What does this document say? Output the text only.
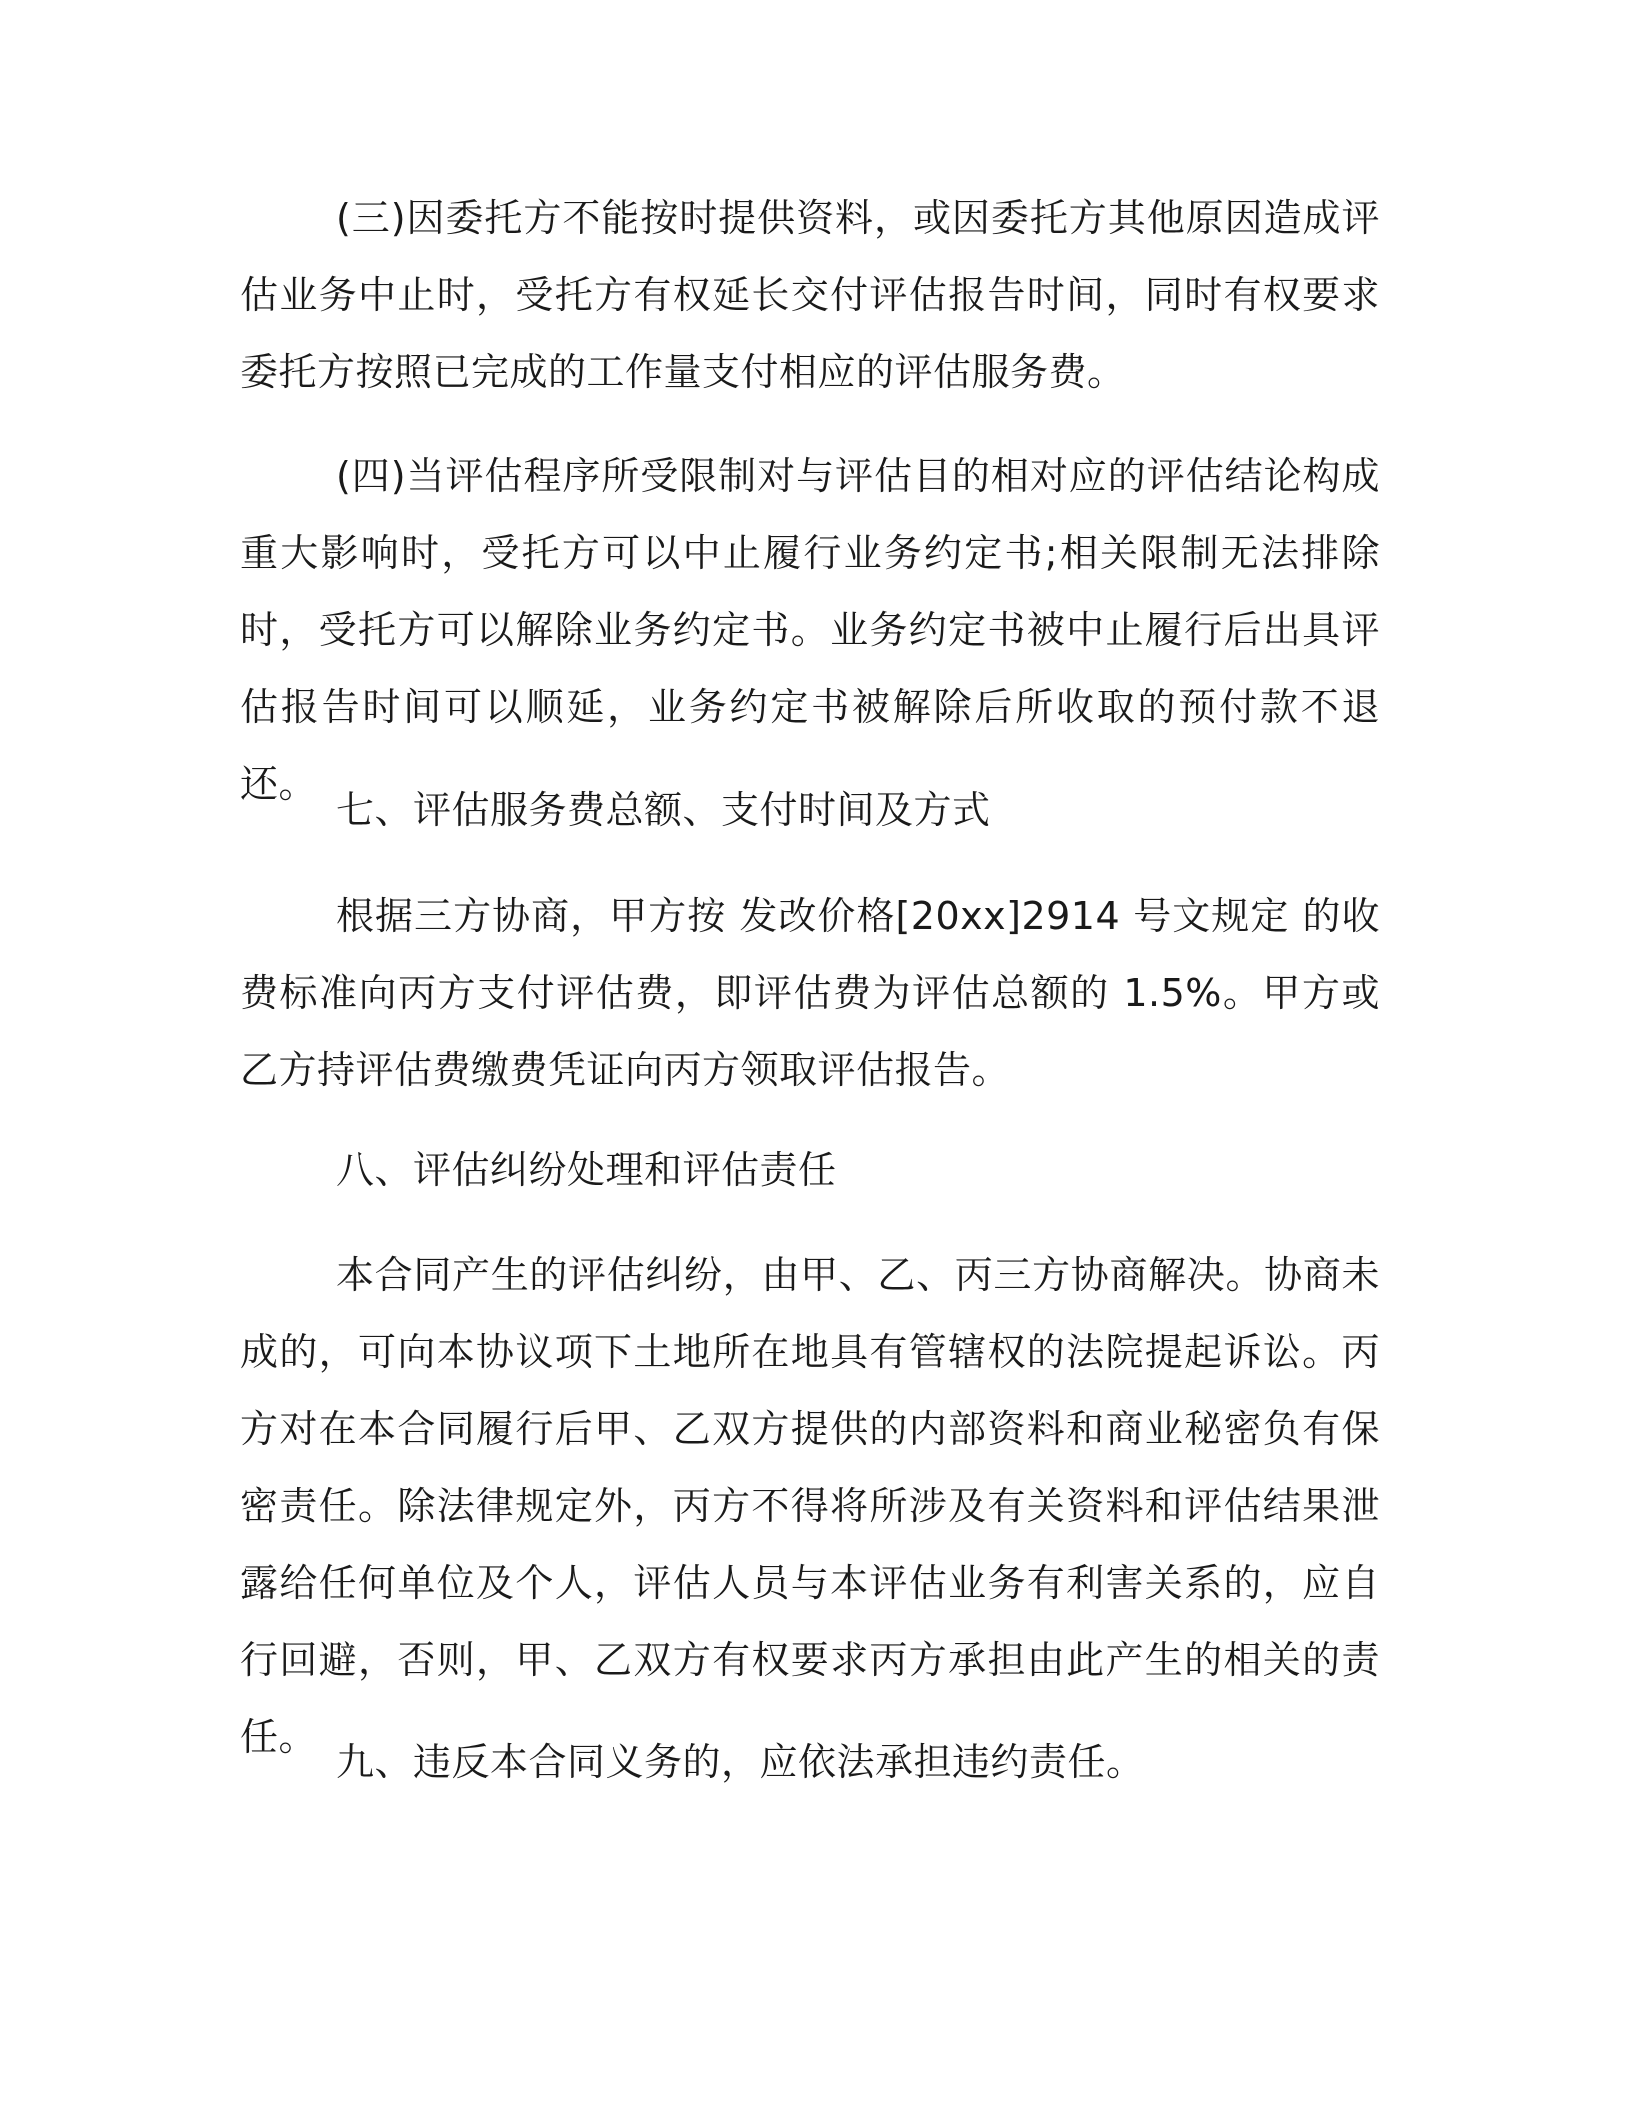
(三)因委托方不能按时提供资料，或因委托方其他原因造成评估业务中止时，受托方有权延长交付评估报告时间，同时有权要求委托方按照已完成的工作量支付相应的评估服务费。

(四)当评估程序所受限制对与评估目的相对应的评估结论构成重大影响时，受托方可以中止履行业务约定书;相关限制无法排除时，受托方可以解除业务约定书。业务约定书被中止履行后出具评估报告时间可以顺延，业务约定书被解除后所收取的预付款不退还。

七、评估服务费总额、支付时间及方式

根据三方协商，甲方按 发改价格[20xx]2914 号文规定 的收费标准向丙方支付评估费，即评估费为评估总额的 1.5%。甲方或乙方持评估费缴费凭证向丙方领取评估报告。

八、评估纠纷处理和评估责任

本合同产生的评估纠纷，由甲、乙、丙三方协商解决。协商未成的，可向本协议项下土地所在地具有管辖权的法院提起诉讼。丙方对在本合同履行后甲、乙双方提供的内部资料和商业秘密负有保密责任。除法律规定外，丙方不得将所涉及有关资料和评估结果泄露给任何单位及个人，评估人员与本评估业务有利害关系的，应自行回避，否则，甲、乙双方有权要求丙方承担由此产生的相关的责任。

九、违反本合同义务的，应依法承担违约责任。
